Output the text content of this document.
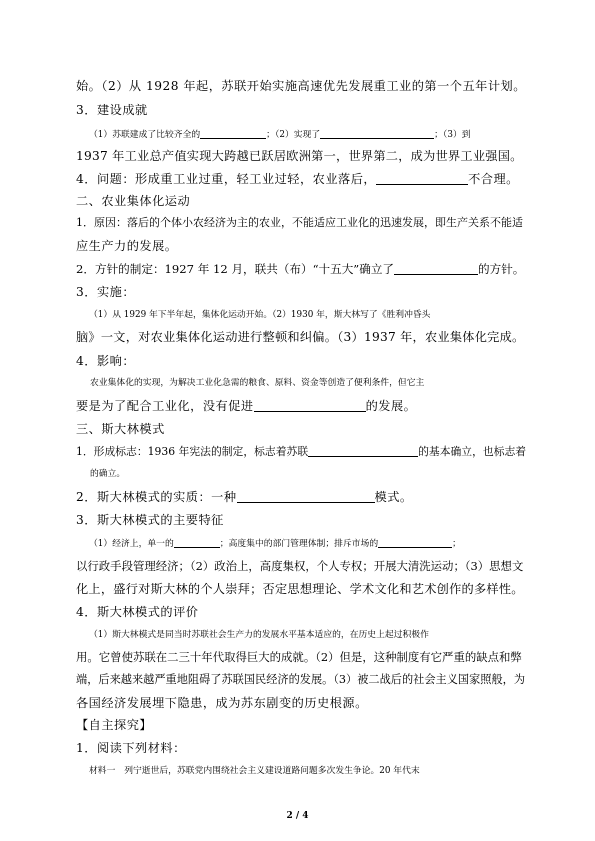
始。（2）从 1928 年起，苏联开始实施高速优先发展重工业的第一个五年计划。
3．建设成就
（1）苏联建成了比较齐全的	；（2）实现了	；（3）到
1937 年工业总产值实现大跨越已跃居欧洲第一，世界第二，成为世界工业强国。
4．问题：形成重工业过重，轻工业过轻，农业落后，	不合理。
二、农业集体化运动
1．原因：落后的个体小农经济为主的农业，不能适应工业化的迅速发展，即生产关系不能适
应生产力的发展。
2．方针的制定：1927 年 12 月，联共（布）“十五大”确立了	的方针。
3．实施：
（1）从 1929 年下半年起，集体化运动开始。（2）1930 年，斯大林写了《胜利冲昏头
脑》一文，对农业集体化运动进行整顿和纠偏。（3）1937 年，农业集体化完成。
4．影响：
农业集体化的实现，为解决工业化急需的粮食、原料、资金等创造了便利条件，但它主
要是为了配合工业化，没有促进	的发展。
三、斯大林模式
1．形成标志：1936 年宪法的制定，标志着苏联	的基本确立，也标志着
的确立。
2．斯大林模式的实质：一种	模式。
3．斯大林模式的主要特征
（1）经济上，单一的	；高度集中的部门管理体制；排斥市场的	；
以行政手段管理经济；（2）政治上，高度集权，个人专权；开展大清洗运动；（3）思想文
化上，盛行对斯大林的个人崇拜；否定思想理论、学术文化和艺术创作的多样性。
4．斯大林模式的评价
（1）斯大林模式是同当时苏联社会生产力的发展水平基本适应的，在历史上起过积极作
用。它曾使苏联在二三十年代取得巨大的成就。（2）但是，这种制度有它严重的缺点和弊
端，后来越来越严重地阻碍了苏联国民经济的发展。（3）被二战后的社会主义国家照般，为
各国经济发展埋下隐患，成为苏东剧变的历史根源。
【自主探究】
1．阅读下列材料：
材料一　列宁逝世后，苏联党内围绕社会主义建设道路问题多次发生争论。20 年代末
2 / 4
